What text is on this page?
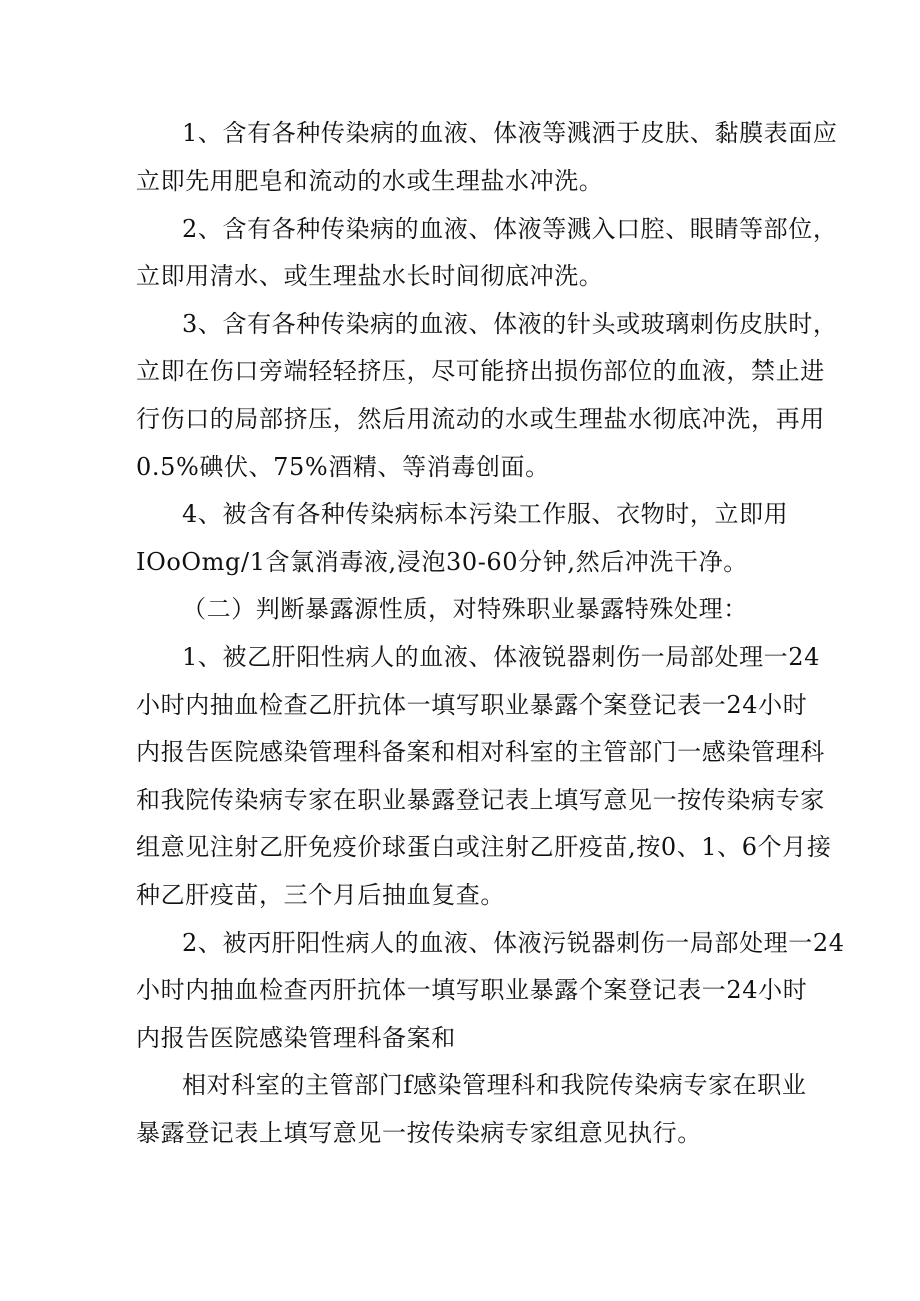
1、含有各种传染病的血液、体液等溅洒于皮肤、黏膜表面应

立即先用肥皂和流动的水或生理盐水冲洗。

2、含有各种传染病的血液、体液等溅入口腔、眼睛等部位，

立即用清水、或生理盐水长时间彻底冲洗。

3、含有各种传染病的血液、体液的针头或玻璃刺伤皮肤时，

立即在伤口旁端轻轻挤压，尽可能挤出损伤部位的血液，禁止进

行伤口的局部挤压，然后用流动的水或生理盐水彻底冲洗，再用

0.5%碘伏、75%酒精、等消毒创面。

4、被含有各种传染病标本污染工作服、衣物时，立即用

IOoOmg/1含氯消毒液,浸泡30-60分钟,然后冲洗干净。

（二）判断暴露源性质，对特殊职业暴露特殊处理：

1、被乙肝阳性病人的血液、体液锐器刺伤一局部处理一24

小时内抽血检查乙肝抗体一填写职业暴露个案登记表一24小时

内报告医院感染管理科备案和相对科室的主管部门一感染管理科

和我院传染病专家在职业暴露登记表上填写意见一按传染病专家

组意见注射乙肝免疫价球蛋白或注射乙肝疫苗,按0、1、6个月接

种乙肝疫苗，三个月后抽血复查。

2、被丙肝阳性病人的血液、体液污锐器刺伤一局部处理一24

小时内抽血检查丙肝抗体一填写职业暴露个案登记表一24小时

内报告医院感染管理科备案和

相对科室的主管部门f感染管理科和我院传染病专家在职业

暴露登记表上填写意见一按传染病专家组意见执行。
